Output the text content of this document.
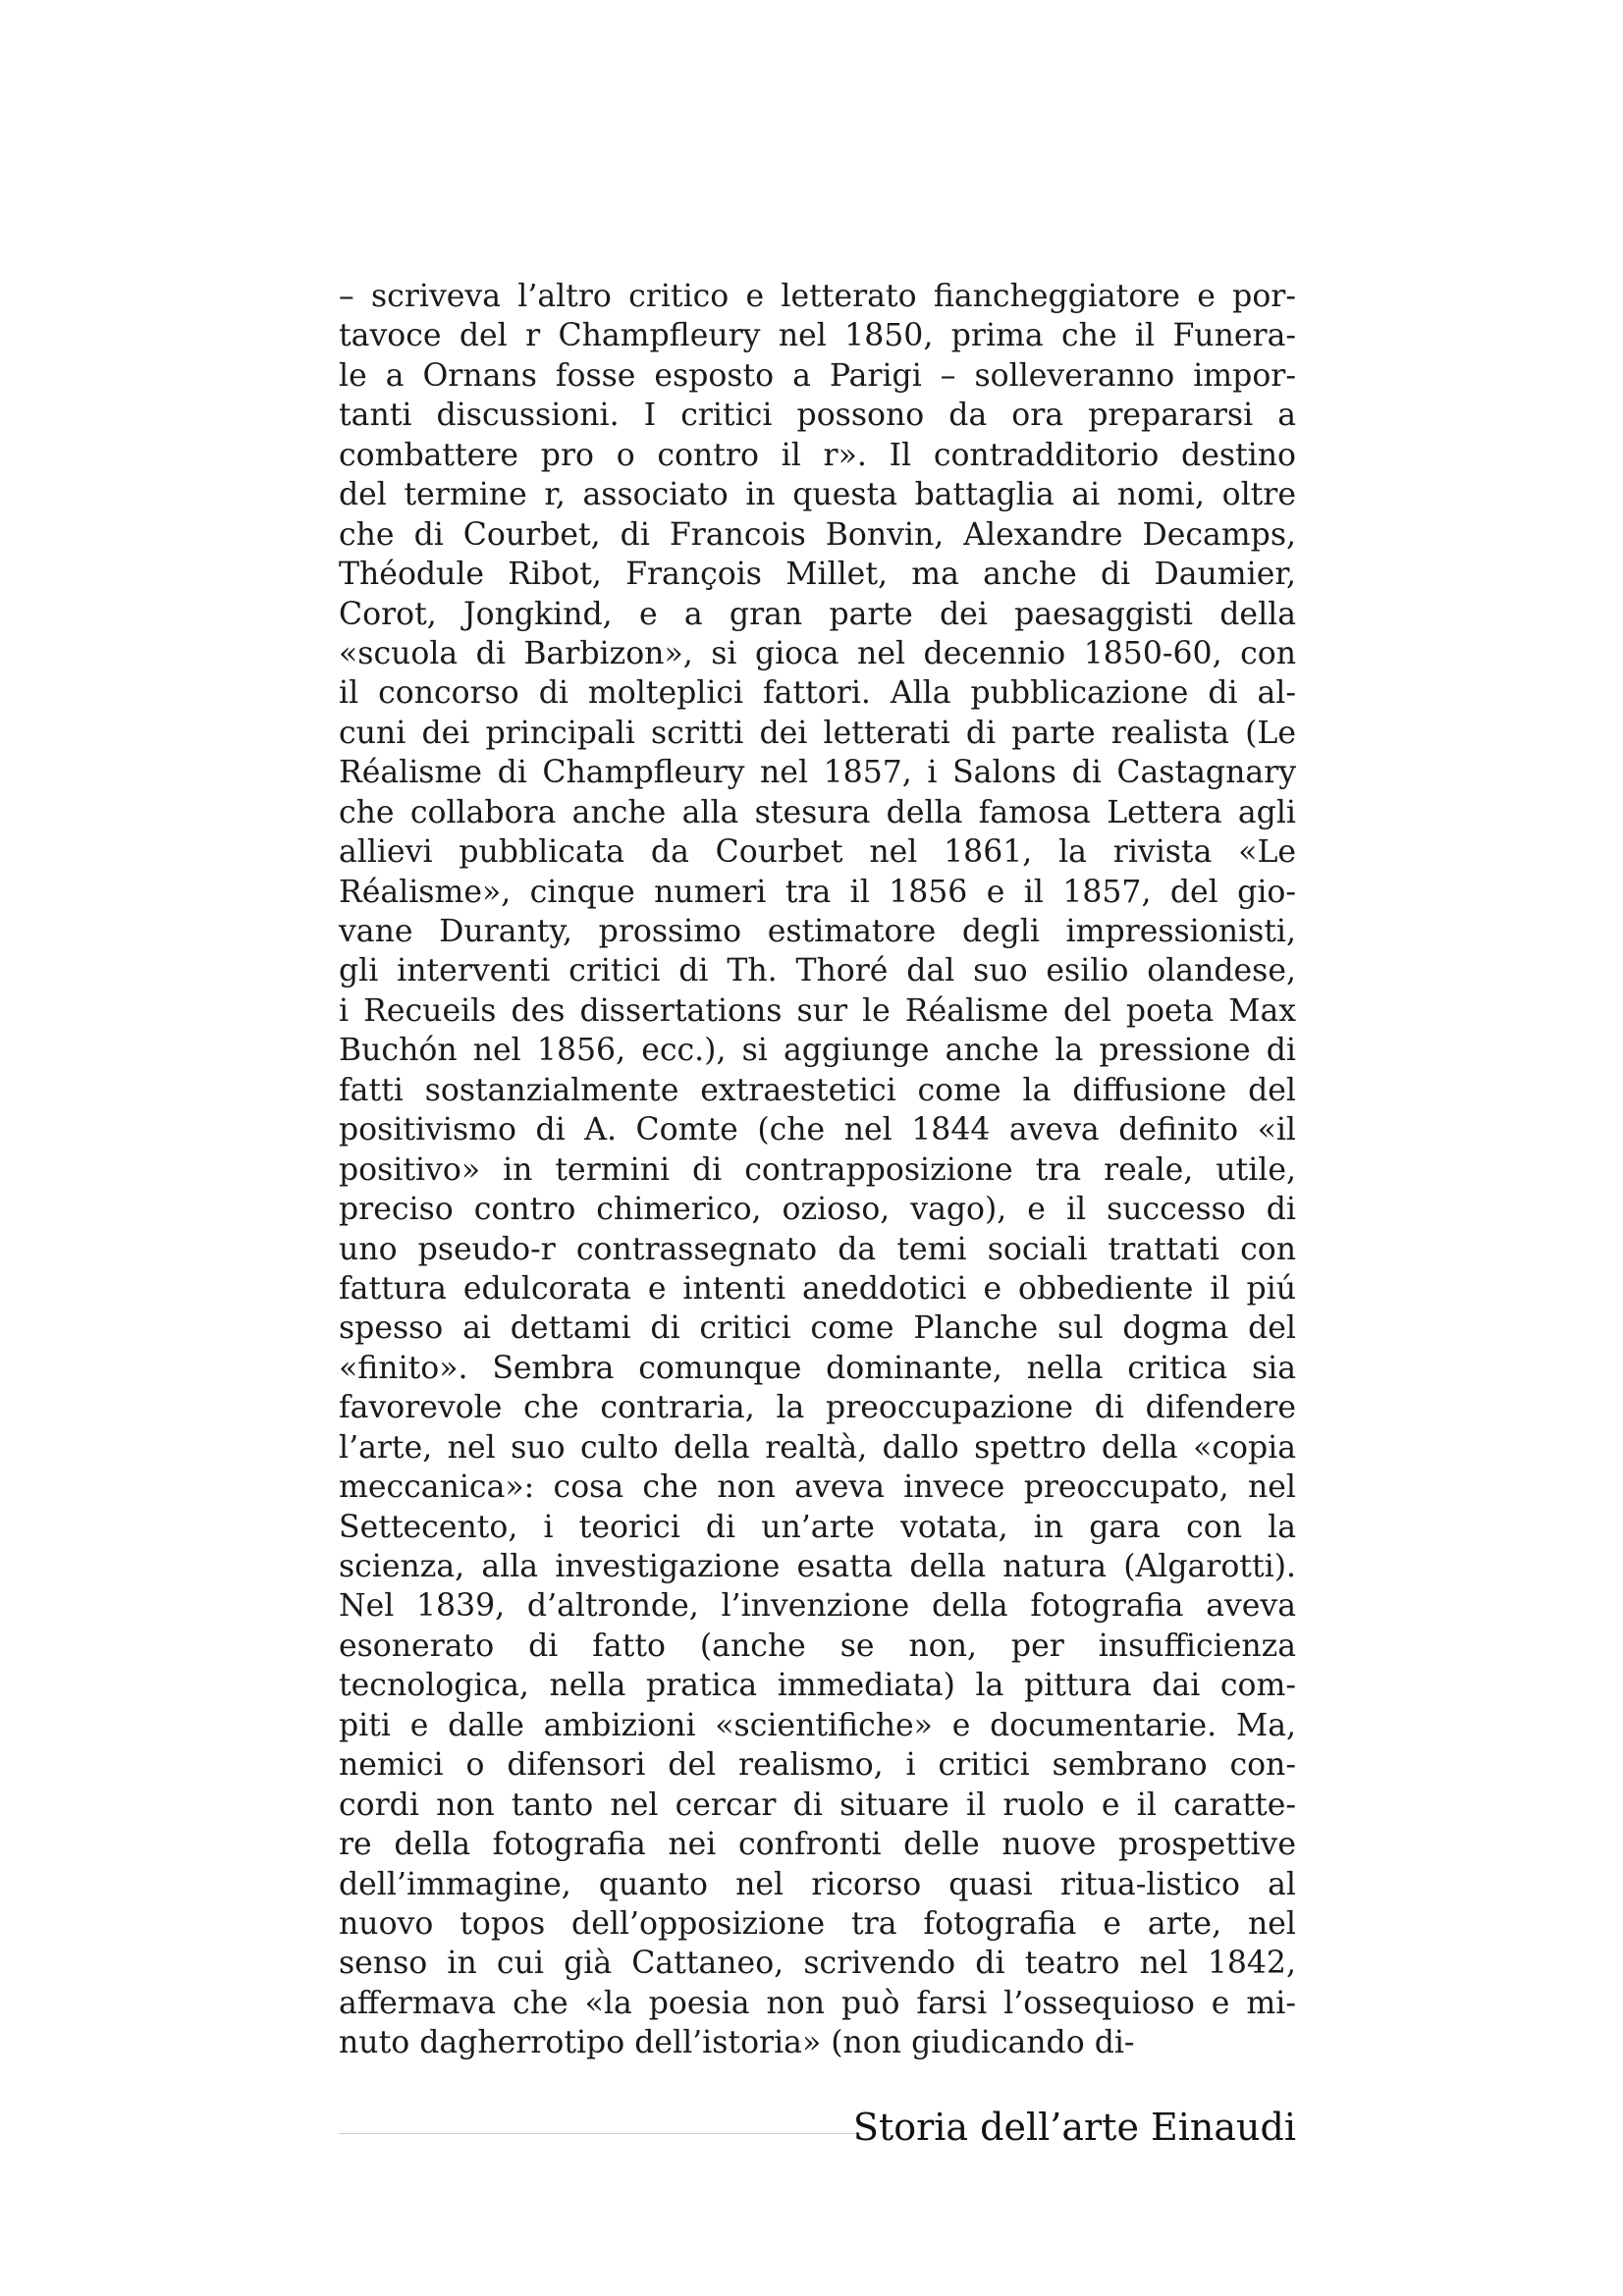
– scriveva l’altro critico e letterato fiancheggiatore e por-
tavoce del r Champfleury nel 1850, prima che il Funera-
le a Ornans fosse esposto a Parigi – solleveranno impor-
tanti discussioni. I critici possono da ora prepararsi a
combattere pro o contro il r». Il contradditorio destino
del termine r, associato in questa battaglia ai nomi, oltre
che di Courbet, di Francois Bonvin, Alexandre Decamps,
Théodule Ribot, François Millet, ma anche di Daumier,
Corot, Jongkind, e a gran parte dei paesaggisti della
«scuola di Barbizon», si gioca nel decennio 1850-60, con
il concorso di molteplici fattori. Alla pubblicazione di al-
cuni dei principali scritti dei letterati di parte realista (Le
Réalisme di Champfleury nel 1857, i Salons di Castagnary
che collabora anche alla stesura della famosa Lettera agli
allievi pubblicata da Courbet nel 1861, la rivista «Le
Réalisme», cinque numeri tra il 1856 e il 1857, del gio-
vane Duranty, prossimo estimatore degli impressionisti,
gli interventi critici di Th. Thoré dal suo esilio olandese,
i Recueils des dissertations sur le Réalisme del poeta Max
Buchón nel 1856, ecc.), si aggiunge anche la pressione di
fatti sostanzialmente extraestetici come la diffusione del
positivismo di A. Comte (che nel 1844 aveva definito «il
positivo» in termini di contrapposizione tra reale, utile,
preciso contro chimerico, ozioso, vago), e il successo di
uno pseudo-r contrassegnato da temi sociali trattati con
fattura edulcorata e intenti aneddotici e obbediente il piú
spesso ai dettami di critici come Planche sul dogma del
«finito». Sembra comunque dominante, nella critica sia
favorevole che contraria, la preoccupazione di difendere
l’arte, nel suo culto della realtà, dallo spettro della «copia
meccanica»: cosa che non aveva invece preoccupato, nel
Settecento, i teorici di un’arte votata, in gara con la
scienza, alla investigazione esatta della natura (Algarotti).
Nel 1839, d’altronde, l’invenzione della fotografia aveva
esonerato di fatto (anche se non, per insufficienza
tecnologica, nella pratica immediata) la pittura dai com-
piti e dalle ambizioni «scientifiche» e documentarie. Ma,
nemici o difensori del realismo, i critici sembrano con-
cordi non tanto nel cercar di situare il ruolo e il caratte-
re della fotografia nei confronti delle nuove prospettive
dell’immagine, quanto nel ricorso quasi ritua-listico al
nuovo topos dell’opposizione tra fotografia e arte, nel
senso in cui già Cattaneo, scrivendo di teatro nel 1842,
affermava che «la poesia non può farsi l’ossequioso e mi-
nuto dagherrotipo dell’istoria» (non giudicando di-
Storia dell’arte Einaudi
